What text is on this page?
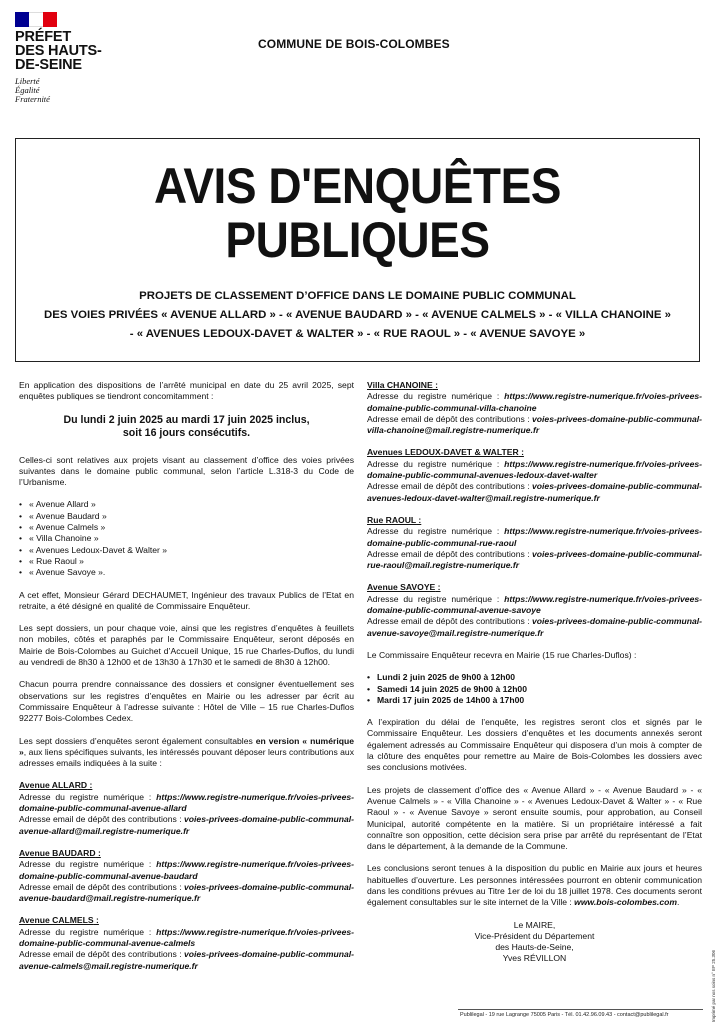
PRÉFET
DES HAUTS-
DE-SEINE
Liberté
Égalité
Fraternité
COMMUNE DE BOIS-COLOMBES
AVIS D'ENQUÊTES
PUBLIQUES
PROJETS DE CLASSEMENT D’OFFICE DANS LE DOMAINE PUBLIC COMMUNAL
DES VOIES PRIVÉES « AVENUE ALLARD » - « AVENUE BAUDARD » - « AVENUE CALMELS » - « VILLA CHANOINE »
- « AVENUES LEDOUX-DAVET & WALTER » - « RUE RAOUL » - « AVENUE SAVOYE »

En application des dispositions de l’arrêté municipal en date du 25 avril 2025, sept enquêtes publiques se tiendront concomitamment :

Du lundi 2 juin 2025 au mardi 17 juin 2025 inclus,
soit 16 jours consécutifs.

Celles-ci sont relatives aux projets visant au classement d’office des voies privées suivantes dans le domaine public communal, selon l’article L.318-3 du Code de l’Urbanisme.

• « Avenue Allard »
• « Avenue Baudard »
• « Avenue Calmels »
• « Villa Chanoine »
• « Avenues Ledoux-Davet & Walter »
• « Rue Raoul »
• « Avenue Savoye ».

A cet effet, Monsieur Gérard DECHAUMET, Ingénieur des travaux Publics de l’Etat en retraite, a été désigné en qualité de Commissaire Enquêteur.

Les sept dossiers, un pour chaque voie, ainsi que les registres d’enquêtes à feuillets non mobiles, côtés et paraphés par le Commissaire Enquêteur, seront déposés en Mairie de Bois-Colombes au Guichet d’Accueil Unique, 15 rue Charles-Duflos, du lundi au vendredi de 8h30 à 12h00 et de 13h30 à 17h30 et le samedi de 8h30 à 12h00.

Chacun pourra prendre connaissance des dossiers et consigner éventuellement ses observations sur les registres d’enquêtes en Mairie ou les adresser par écrit au Commissaire Enquêteur à l’adresse suivante : Hôtel de Ville – 15 rue Charles-Duflos 92277 Bois-Colombes Cedex.

Les sept dossiers d’enquêtes seront également consultables en version « numérique », aux liens spécifiques suivants, les intéressés pouvant déposer leurs contributions aux adresses emails indiquées à la suite :

Avenue ALLARD :
Adresse du registre numérique : https://www.registre-numerique.fr/voies-privees-domaine-public-communal-avenue-allard
Adresse email de dépôt des contributions : voies-privees-domaine-public-communal-avenue-allard@mail.registre-numerique.fr
Avenue BAUDARD :
Adresse du registre numérique : https://www.registre-numerique.fr/voies-privees-domaine-public-communal-avenue-baudard
Adresse email de dépôt des contributions : voies-privees-domaine-public-communal-avenue-baudard@mail.registre-numerique.fr
Avenue CALMELS :
Adresse du registre numérique : https://www.registre-numerique.fr/voies-privees-domaine-public-communal-avenue-calmels
Adresse email de dépôt des contributions : voies-privees-domaine-public-communal-avenue-calmels@mail.registre-numerique.fr
Villa CHANOINE :
Adresse du registre numérique : https://www.registre-numerique.fr/voies-privees-domaine-public-communal-villa-chanoine
Adresse email de dépôt des contributions : voies-privees-domaine-public-communal-villa-chanoine@mail.registre-numerique.fr
Avenues LEDOUX-DAVET & WALTER :
Adresse du registre numérique : https://www.registre-numerique.fr/voies-privees-domaine-public-communal-avenues-ledoux-davet-walter
Adresse email de dépôt des contributions : voies-privees-domaine-public-communal-avenues-ledoux-davet-walter@mail.registre-numerique.fr
Rue RAOUL :
Adresse du registre numérique : https://www.registre-numerique.fr/voies-privees-domaine-public-communal-rue-raoul
Adresse email de dépôt des contributions : voies-privees-domaine-public-communal-rue-raoul@mail.registre-numerique.fr
Avenue SAVOYE :
Adresse du registre numérique : https://www.registre-numerique.fr/voies-privees-domaine-public-communal-avenue-savoye
Adresse email de dépôt des contributions : voies-privees-domaine-public-communal-avenue-savoye@mail.registre-numerique.fr

Le Commissaire Enquêteur recevra en Mairie (15 rue Charles-Duflos) :

• Lundi 2 juin 2025 de 9h00 à 12h00
• Samedi 14 juin 2025 de 9h00 à 12h00
• Mardi 17 juin 2025 de 14h00 à 17h00

A l’expiration du délai de l’enquête, les registres seront clos et signés par le Commissaire Enquêteur. Les dossiers d’enquêtes et les documents annexés seront également adressés au Commissaire Enquêteur qui disposera d’un mois à compter de la clôture des enquêtes pour remettre au Maire de Bois-Colombes les dossiers avec ses conclusions motivées.

Les projets de classement d’office des « Avenue Allard » - « Avenue Baudard » - « Avenue Calmels » - « Villa Chanoine » - « Avenues Ledoux-Davet & Walter » - « Rue Raoul » - « Avenue Savoye » seront ensuite soumis, pour approbation, au Conseil Municipal, autorité compétente en la matière. Si un propriétaire intéressé a fait connaître son opposition, cette décision sera prise par arrêté du représentant de l’Etat dans le département, à la demande de la Commune.

Les conclusions seront tenues à la disposition du public en Mairie aux jours et heures habituelles d’ouverture. Les personnes intéressées pourront en obtenir communication dans les conditions prévues au Titre 1er de loi du 18 juillet 1978. Ces documents seront également consultables sur le site internet de la Ville : www.bois-colombes.com.

Le MAIRE,
Vice-Président du Département
des Hauts-de-Seine,
Yves RÉVILLON	Imprimé par nos soins n° EP 25.306
Publilegal - 19 rue Lagrange 75005 Paris - Tél. 01.42.96.09.43 - contact@publilegal.fr
